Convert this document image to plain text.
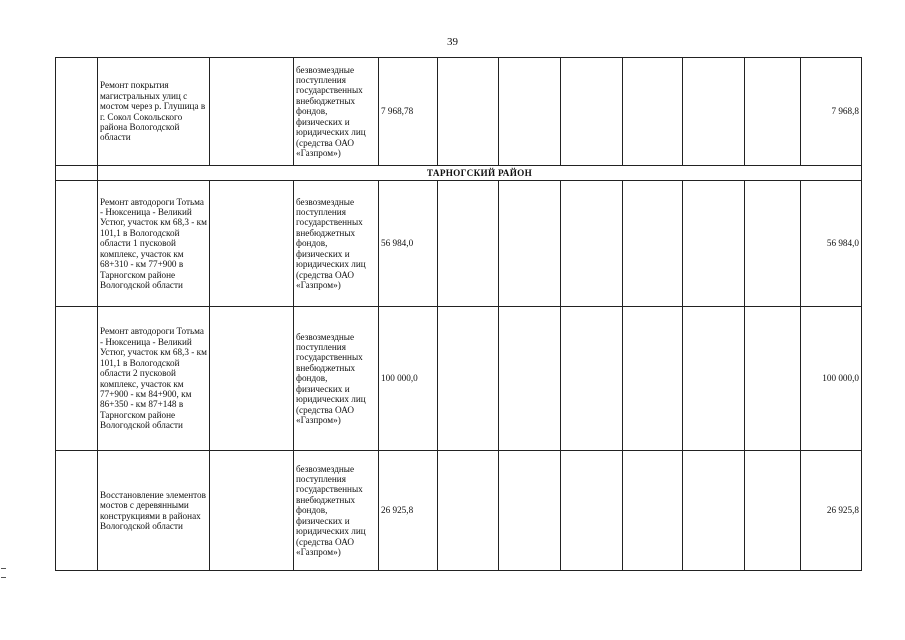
39
	Ремонт покрытия магистральных улиц с мостом через р. Глушица в г. Сокол Сокольского района Вологодской области		безвозмездные поступления государственных внебюджетных фондов, физических и юридических лиц (средства ОАО «Газпром»)	7 968,78							7 968,8
	ТАРНОГСКИЙ РАЙОН										
	Ремонт автодороги Тотьма - Нюксеница - Великий Устюг, участок км 68,3 - км 101,1 в Вологодской области 1 пусковой комплекс, участок км 68+310 - км 77+900 в Тарногском районе Вологодской области		безвозмездные поступления государственных внебюджетных фондов, физических и юридических лиц (средства ОАО «Газпром»)	56 984,0							56 984,0
	Ремонт автодороги Тотьма - Нюксеница - Великий Устюг, участок км 68,3 - км 101,1 в Вологодской области 2 пусковой комплекс, участок км 77+900 - км 84+900, км 86+350 - км 87+148 в Тарногском районе Вологодской области		безвозмездные поступления государственных внебюджетных фондов, физических и юридических лиц (средства ОАО «Газпром»)	100 000,0							100 000,0
	Восстановление элементов мостов с деревянными конструкциями в районах Вологодской области		безвозмездные поступления государственных внебюджетных фондов, физических и юридических лиц (средства ОАО «Газпром»)	26 925,8							26 925,8
